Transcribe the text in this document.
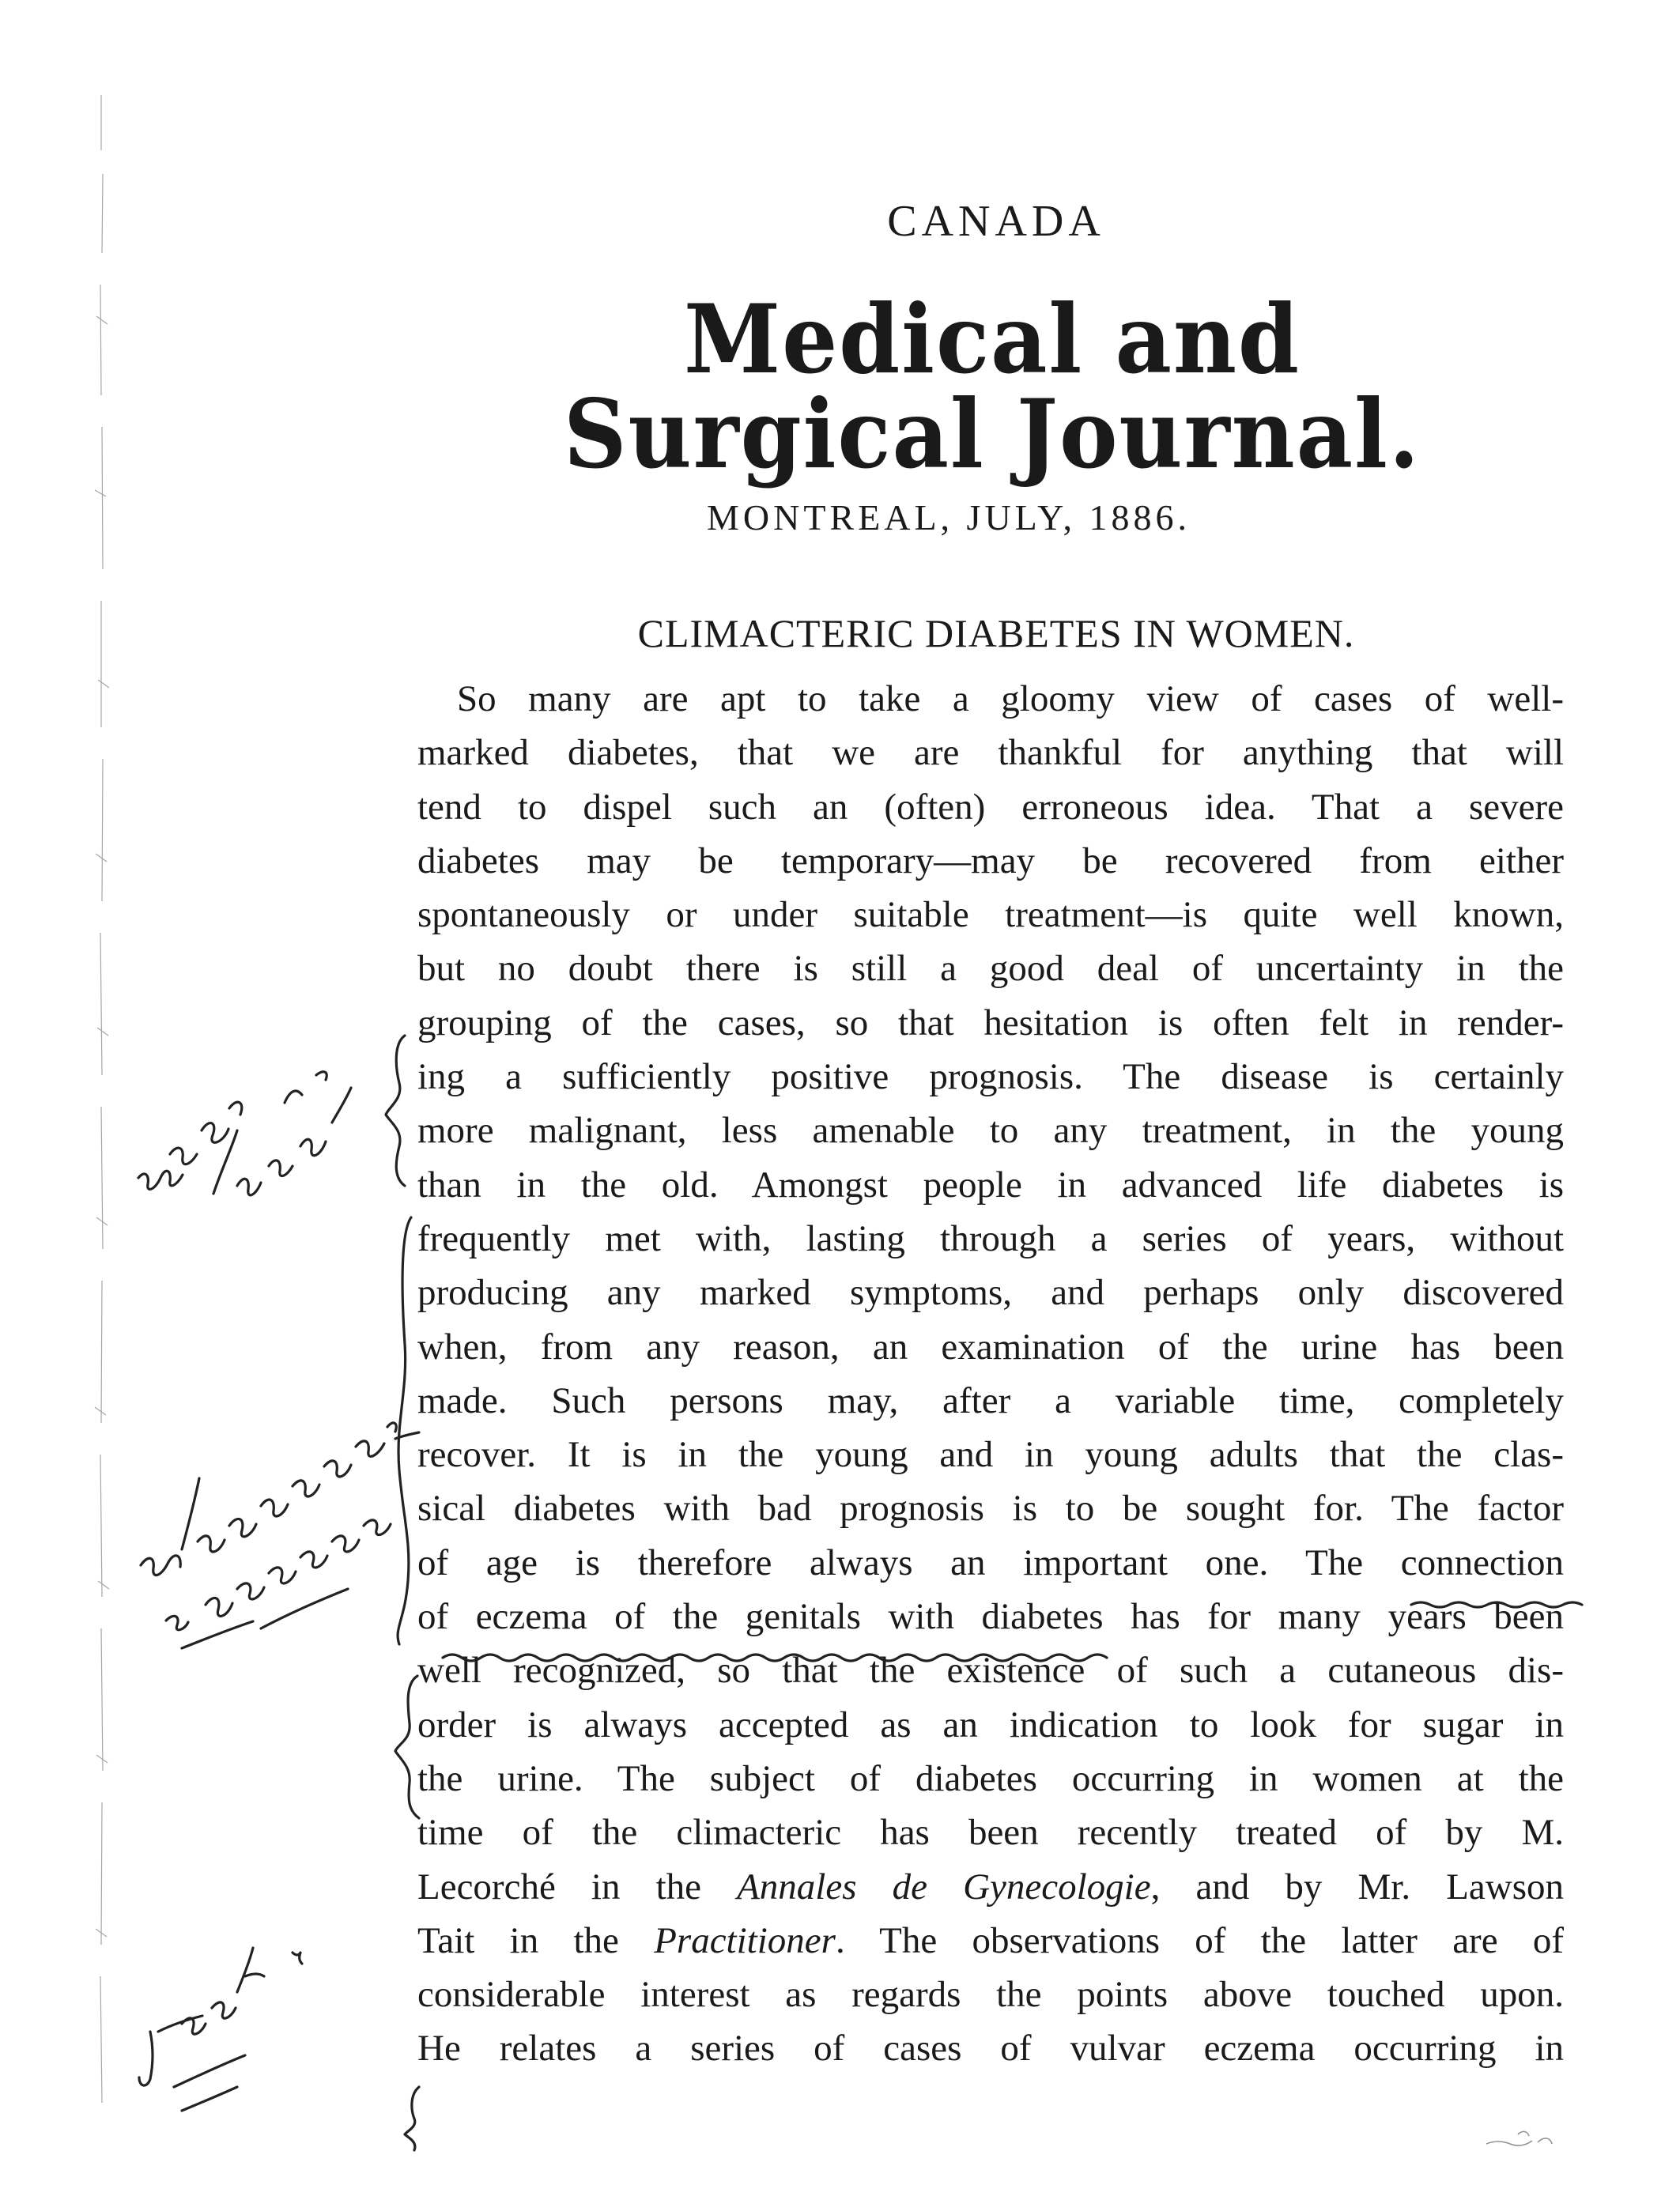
CANADA
Medical and Surgical Journal.
MONTREAL, JULY, 1886.
CLIMACTERIC DIABETES IN WOMEN.
So many are apt to take a gloomy view of cases of well-
marked diabetes, that we are thankful for anything that will
tend to dispel such an (often) erroneous idea. That a severe
diabetes may be temporary—may be recovered from either
spontaneously or under suitable treatment—is quite well known,
but no doubt there is still a good deal of uncertainty in the
grouping of the cases, so that hesitation is often felt in render-
ing a sufficiently positive prognosis. The disease is certainly
more malignant, less amenable to any treatment, in the young
than in the old. Amongst people in advanced life diabetes is
frequently met with, lasting through a series of years, without
producing any marked symptoms, and perhaps only discovered
when, from any reason, an examination of the urine has been
made. Such persons may, after a variable time, completely
recover. It is in the young and in young adults that the clas-
sical diabetes with bad prognosis is to be sought for. The factor
of age is therefore always an important one. The connection
of eczema of the genitals with diabetes has for many years been
well recognized, so that the existence of such a cutaneous dis-
order is always accepted as an indication to look for sugar in
the urine. The subject of diabetes occurring in women at the
time of the climacteric has been recently treated of by M.
Lecorché in the Annales de Gynecologie, and by Mr. Lawson
Tait in the Practitioner. The observations of the latter are of
considerable interest as regards the points above touched upon.
He relates a series of cases of vulvar eczema occurring in
